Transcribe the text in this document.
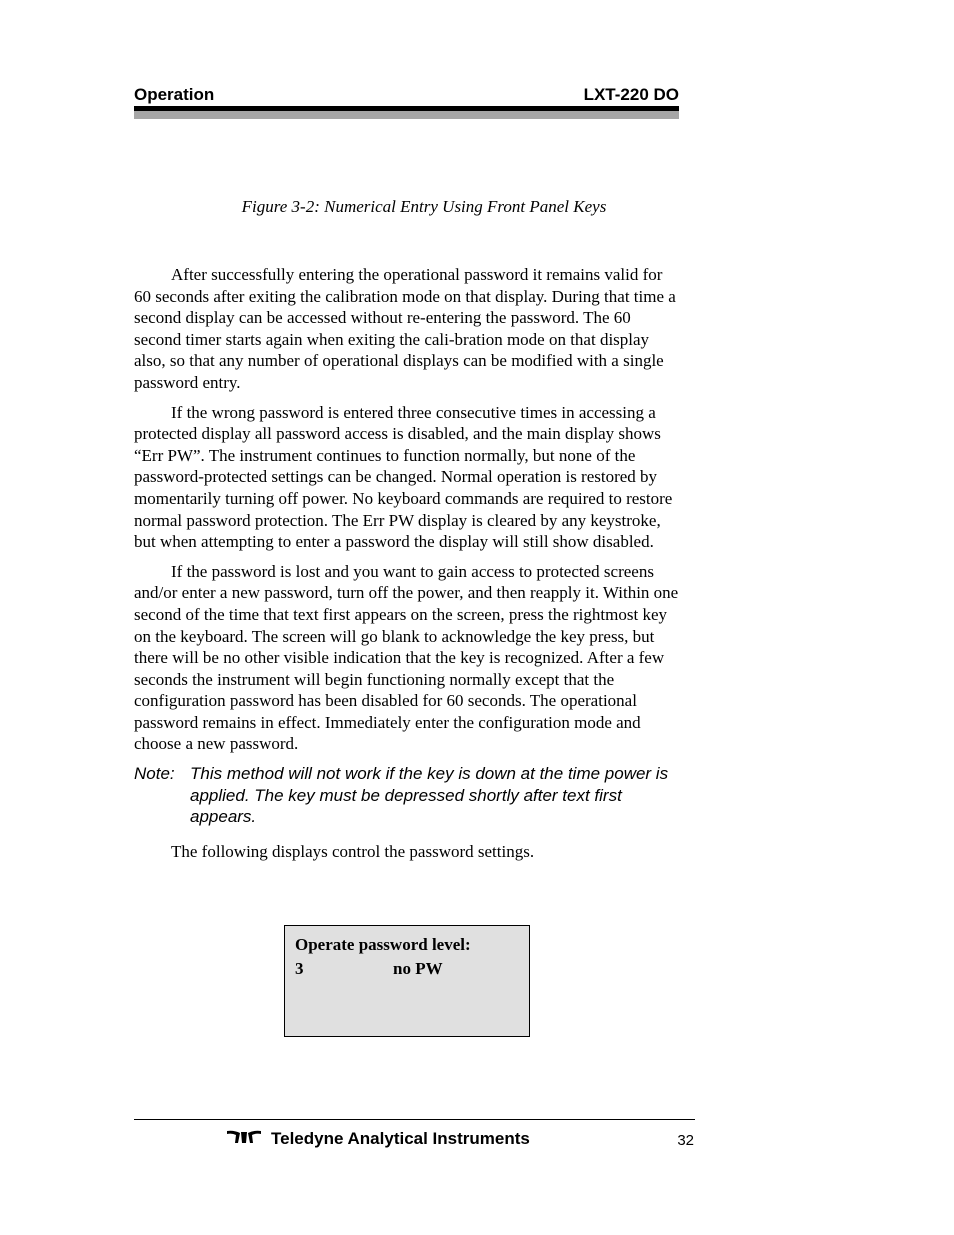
Operation	LXT-220 DO
Figure 3-2: Numerical Entry Using Front Panel Keys

After successfully entering the operational password it remains valid for 60 seconds after exiting the calibration mode on that display. During that time a second display can be accessed without re-entering the password. The 60 second timer starts again when exiting the cali-bration mode on that display also, so that any number of operational displays can be modified with a single password entry.

If the wrong password is entered three consecutive times in accessing a protected display all password access is disabled, and the main display shows “Err PW”. The instrument continues to function normally, but none of the password-protected settings can be changed. Normal operation is restored by momentarily turning off power. No keyboard commands are required to restore normal password protection. The Err PW display is cleared by any keystroke, but when attempting to enter a password the display will still show disabled.

If the password is lost and you want to gain access to protected screens and/or enter a new password, turn off the power, and then reapply it. Within one second of the time that text first appears on the screen, press the rightmost key on the keyboard. The screen will go blank to acknowledge the key press, but there will be no other visible indication that the key is recognized. After a few seconds the instrument will begin functioning normally except that the configuration password has been disabled for 60 seconds. The operational password remains in effect. Immediately enter the configuration mode and choose a new password.

Note: This method will not work if the key is down at the time power is applied. The key must be depressed shortly after text first appears.

The following displays control the password settings.

Operate password level:
3	no PW
Teledyne Analytical Instruments	32
